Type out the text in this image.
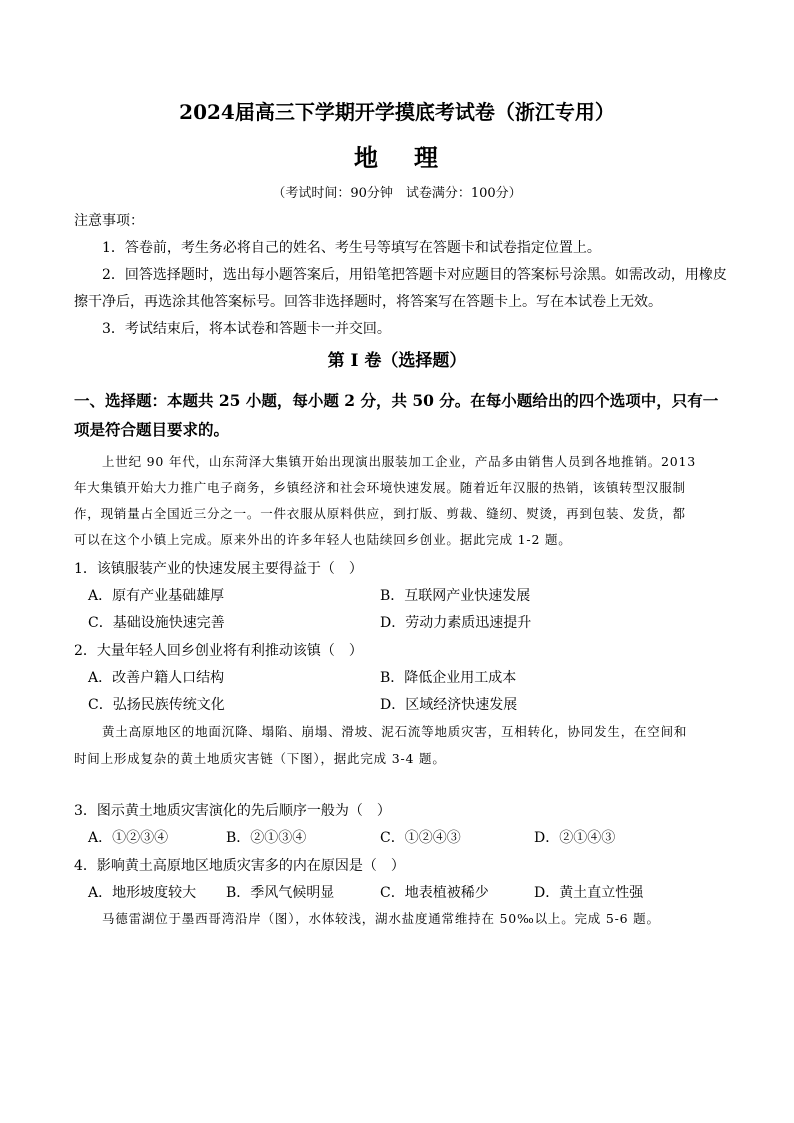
2024届高三下学期开学摸底考试卷（浙江专用）
地 理
（考试时间：90分钟　试卷满分：100分）
注意事项：
1．答卷前，考生务必将自己的姓名、考生号等填写在答题卡和试卷指定位置上。
2．回答选择题时，选出每小题答案后，用铅笔把答题卡对应题目的答案标号涂黑。如需改动，用橡皮
擦干净后，再选涂其他答案标号。回答非选择题时，将答案写在答题卡上。写在本试卷上无效。
3．考试结束后，将本试卷和答题卡一并交回。
第 I 卷（选择题）
一、选择题：本题共 25 小题，每小题 2 分，共 50 分。在每小题给出的四个选项中，只有一
项是符合题目要求的。
上世纪 90 年代，山东菏泽大集镇开始出现演出服装加工企业，产品多由销售人员到各地推销。2013
年大集镇开始大力推广电子商务，乡镇经济和社会环境快速发展。随着近年汉服的热销，该镇转型汉服制
作，现销量占全国近三分之一。一件衣服从原料供应，到打版、剪裁、缝纫、熨烫，再到包装、发货，都
可以在这个小镇上完成。原来外出的许多年轻人也陆续回乡创业。据此完成 1-2 题。
1．该镇服装产业的快速发展主要得益于（　）
A．原有产业基础雄厚	B．互联网产业快速发展
C．基础设施快速完善	D．劳动力素质迅速提升
2．大量年轻人回乡创业将有利推动该镇（　）
A．改善户籍人口结构	B．降低企业用工成本
C．弘扬民族传统文化	D．区域经济快速发展
黄土高原地区的地面沉降、塌陷、崩塌、滑坡、泥石流等地质灾害，互相转化，协同发生，在空间和
时间上形成复杂的黄土地质灾害链（下图），据此完成 3-4 题。
3．图示黄土地质灾害演化的先后顺序一般为（　）
A．①②③④	B．②①③④	C．①②④③	D．②①④③
4．影响黄土高原地区地质灾害多的内在原因是（　）
A．地形坡度较大 B．季风气候明显	C．地表植被稀少	D．黄土直立性强
马德雷湖位于墨西哥湾沿岸（图），水体较浅，湖水盐度通常维持在 50‰以上。完成 5-6 题。
